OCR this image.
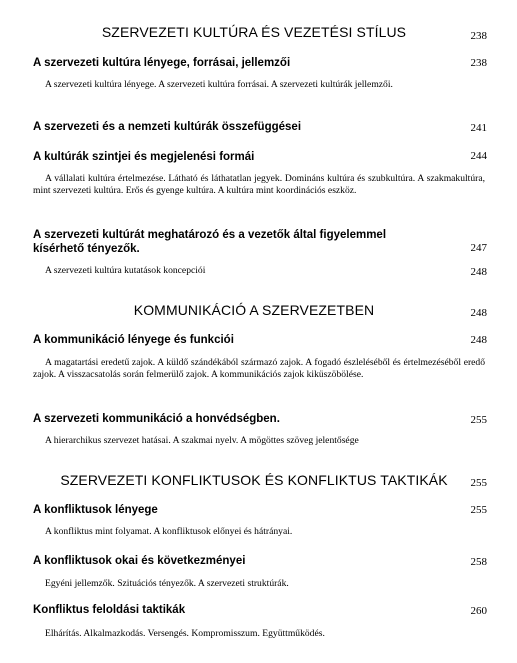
SZERVEZETI KULTÚRA ÉS VEZETÉSI STÍLUS	238
A szervezeti kultúra lényege, forrásai, jellemzői	238
A szervezeti kultúra lényege. A szervezeti kultúra forrásai. A szervezeti kultúrák jellemzői.
A szervezeti és a nemzeti kultúrák összefüggései	241
A kultúrák szintjei és megjelenési formái	244
A vállalati kultúra értelmezése. Látható és láthatatlan jegyek. Domináns kultúra és szubkultúra. A szakmakultúra, mint szervezeti kultúra. Erős és gyenge kultúra. A kultúra mint koordinációs eszköz.
A szervezeti kultúrát meghatározó és a vezetők által figyelemmel kísérhető tényezők.	247
A szervezeti kultúra kutatások koncepciói	248
KOMMUNIKÁCIÓ A SZERVEZETBEN	248
A kommunikáció lényege és funkciói	248
A magatartási eredetű zajok. A küldő szándékából származó zajok. A fogadó észleléséből és értelmezéséből eredő zajok. A visszacsatolás során felmerülő zajok. A kommunikációs zajok kiküszöbölése.
A szervezeti kommunikáció a honvédségben.	255
A hierarchikus szervezet hatásai. A szakmai nyelv. A mögöttes szöveg jelentősége
SZERVEZETI KONFLIKTUSOK ÉS KONFLIKTUS TAKTIKÁK	255
A konfliktusok lényege	255
A konfliktus mint folyamat. A konfliktusok előnyei és hátrányai.
A konfliktusok okai és következményei	258
Egyéni jellemzők. Szituációs tényezők. A szervezeti struktúrák.
Konfliktus feloldási taktikák	260
Elhárítás. Alkalmazkodás. Versengés. Kompromisszum. Együttműködés.
